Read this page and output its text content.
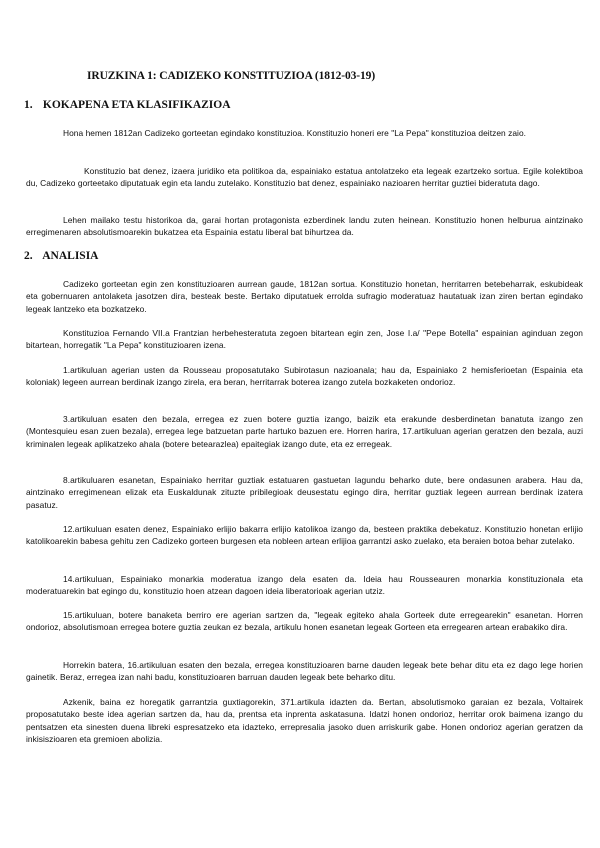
IRUZKINA 1: CADIZEKO KONSTITUZIOA (1812-03-19)
1. KOKAPENA ETA KLASIFIKAZIOA

Hona hemen 1812an Cadizeko gorteetan egindako konstituzioa. Konstituzio honeri ere "La Pepa" konstituzioa deitzen zaio.

Konstituzio bat denez, izaera juridiko eta politikoa da, espainiako estatua antolatzeko eta legeak ezartzeko sortua. Egile kolektiboa du, Cadizeko gorteetako diputatuak egin eta landu zutelako. Konstituzio bat denez, espainiako nazioaren herritar guztiei bideratuta dago.

Lehen mailako testu historikoa da, garai hortan protagonista ezberdinek landu zuten heinean. Konstituzio honen helburua aintzinako erregimenaren absolutismoarekin bukatzea eta Espainia estatu liberal bat bihurtzea da.

2. ANALISIA

Cadizeko gorteetan egin zen konstituzioaren aurrean gaude, 1812an sortua. Konstituzio honetan, herritarren betebeharrak, eskubideak eta gobernuaren antolaketa jasotzen dira, besteak beste. Bertako diputatuek errolda sufragio moderatuaz hautatuak izan ziren bertan egindako legeak lantzeko eta bozkatzeko.

Konstituzioa Fernando VII.a Frantzian herbehesteratuta zegoen bitartean egin zen, Jose I.a/ "Pepe Botella" espainian aginduan zegon bitartean, horregatik "La Pepa" konstituzioaren izena.

1.artikuluan agerian usten da Rousseau proposatutako Subirotasun nazioanala; hau da, Espainiako 2 hemisferioetan (Espainia eta koloniak) legeen aurrean berdinak izango zirela, era beran, herritarrak boterea izango zutela bozkaketen ondorioz.

3.artikuluan esaten den bezala, erregea ez zuen botere guztia izango, baizik eta erakunde desberdinetan banatuta izango zen (Montesquieu esan zuen bezala), erregea lege batzuetan parte hartuko bazuen ere. Horren harira, 17.artikuluan agerian geratzen den bezala, auzi kriminalen legeak aplikatzeko ahala (botere betearazlea) epaitegiak izango dute, eta ez erregeak.

8.artikuluaren esanetan, Espainiako herritar guztiak estatuaren gastuetan lagundu beharko dute, bere ondasunen arabera. Hau da, aintzinako erregimenean elizak eta Euskaldunak zituzte pribilegioak deusestatu egingo dira, herritar guztiak legeen aurrean berdinak izatera pasatuz.

12.artikuluan esaten denez, Espainiako erlijio bakarra erlijio katolikoa izango da, besteen praktika debekatuz. Konstituzio honetan erlijio katolikoarekin babesa gehitu zen Cadizeko gorteen burgesen eta nobleen artean erlijioa garrantzi asko zuelako, eta beraien botoa behar zutelako.

14.artikuluan, Espainiako monarkia moderatua izango dela esaten da. Ideia hau Rousseauren monarkia konstituzionala eta moderatuarekin bat egingo du, konstituzio hoen atzean dagoen ideia liberatorioak agerian utziz.

15.artikuluan, botere banaketa berriro ere agerian sartzen da, "legeak egiteko ahala Gorteek dute erregearekin" esanetan. Horren ondorioz, absolutismoan erregea botere guztia zeukan ez bezala, artikulu honen esanetan legeak Gorteen eta erregearen artean erabakiko dira.

Horrekin batera, 16.artikuluan esaten den bezala, erregea konstituzioaren barne dauden legeak bete behar ditu eta ez dago lege horien gainetik. Beraz, erregea izan nahi badu, konstituzioaren barruan dauden legeak bete beharko ditu.

Azkenik, baina ez horegatik garrantzia guxtiagorekin, 371.artikula idazten da. Bertan, absolutismoko garaian ez bezala, Voltairek proposatutako beste idea agerian sartzen da, hau da, prentsa eta inprenta askatasuna. Idatzi honen ondorioz, herritar orok baimena izango du pentsatzen eta sinesten duena libreki espresatzeko eta idazteko, errepresalia jasoko duen arriskurik gabe. Honen ondorioz agerian geratzen da inkisiszioaren eta gremioen abolizia.
